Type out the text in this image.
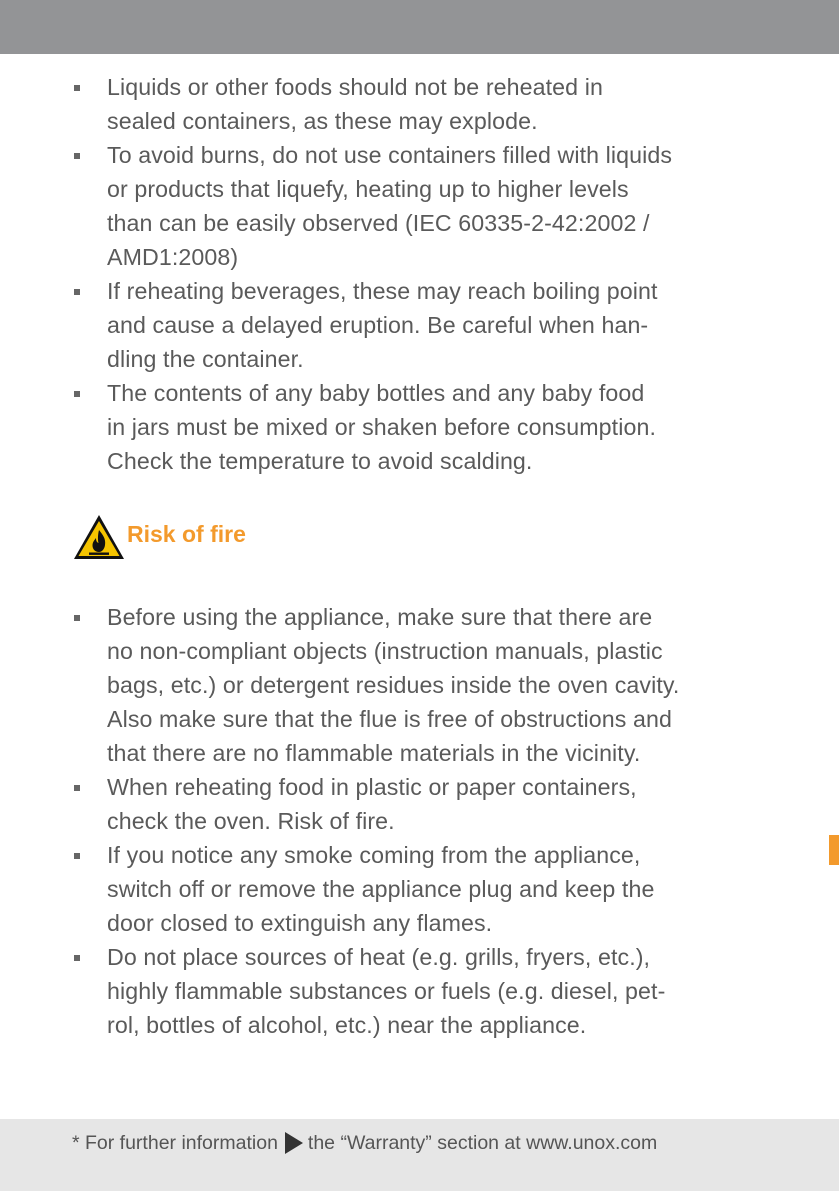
Liquids or other foods should not be reheated in
sealed containers, as these may explode.
To avoid burns, do not use containers filled with liquids
or products that liquefy, heating up to higher levels
than can be easily observed (IEC 60335-2-42:2002 /
AMD1:2008)
If reheating beverages, these may reach boiling point
and cause a delayed eruption. Be careful when han-
dling the container.
The contents of any baby bottles and any baby food
in jars must be mixed or shaken before consumption.
Check the temperature to avoid scalding.
Risk of fire
Before using the appliance, make sure that there are
no non-compliant objects (instruction manuals, plastic
bags, etc.) or detergent residues inside the oven cavity.
Also make sure that the flue is free of obstructions and
that there are no flammable materials in the vicinity.
When reheating food in plastic or paper containers,
check the oven. Risk of fire.
If you notice any smoke coming from the appliance,
switch off or remove the appliance plug and keep the
door closed to extinguish any flames.
Do not place sources of heat (e.g. grills, fryers, etc.),
highly flammable substances or fuels (e.g. diesel, pet-
rol, bottles of alcohol, etc.) near the appliance.
* For further information the “Warranty” section at www.unox.com
